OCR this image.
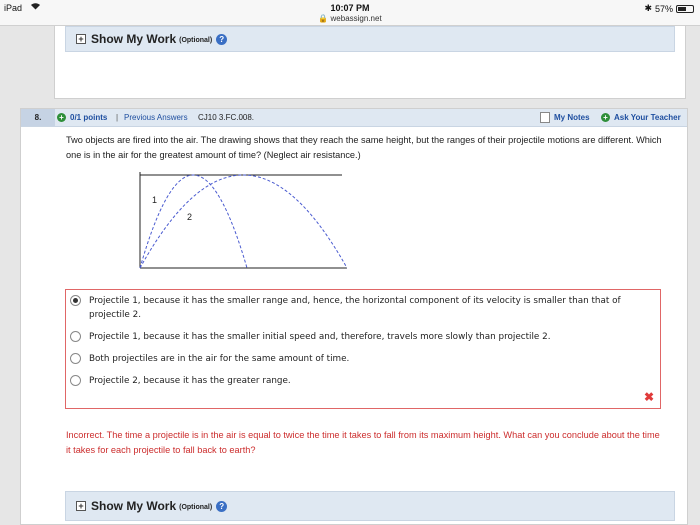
iPad	10:07 PM
🔒 webassign.net
✱ 57%
+ Show My Work (Optional) ?
8.	+ 0/1 points | Previous Answers CJ10 3.FC.008.	My Notes + Ask Your Teacher
Two objects are fired into the air. The drawing shows that they reach the same height, but the ranges of their projectile motions are different. Which one is in the air for the greatest amount of time? (Neglect air resistance.)
1
2
Projectile 1, because it has the smaller range and, hence, the horizontal component of its velocity is smaller than that of projectile 2.
Projectile 1, because it has the smaller initial speed and, therefore, travels more slowly than projectile 2.
Both projectiles are in the air for the same amount of time.
Projectile 2, because it has the greater range.
✖
Incorrect. The time a projectile is in the air is equal to twice the time it takes to fall from its maximum height. What can you conclude about the time it takes for each projectile to fall back to earth?
+ Show My Work (Optional) ?
